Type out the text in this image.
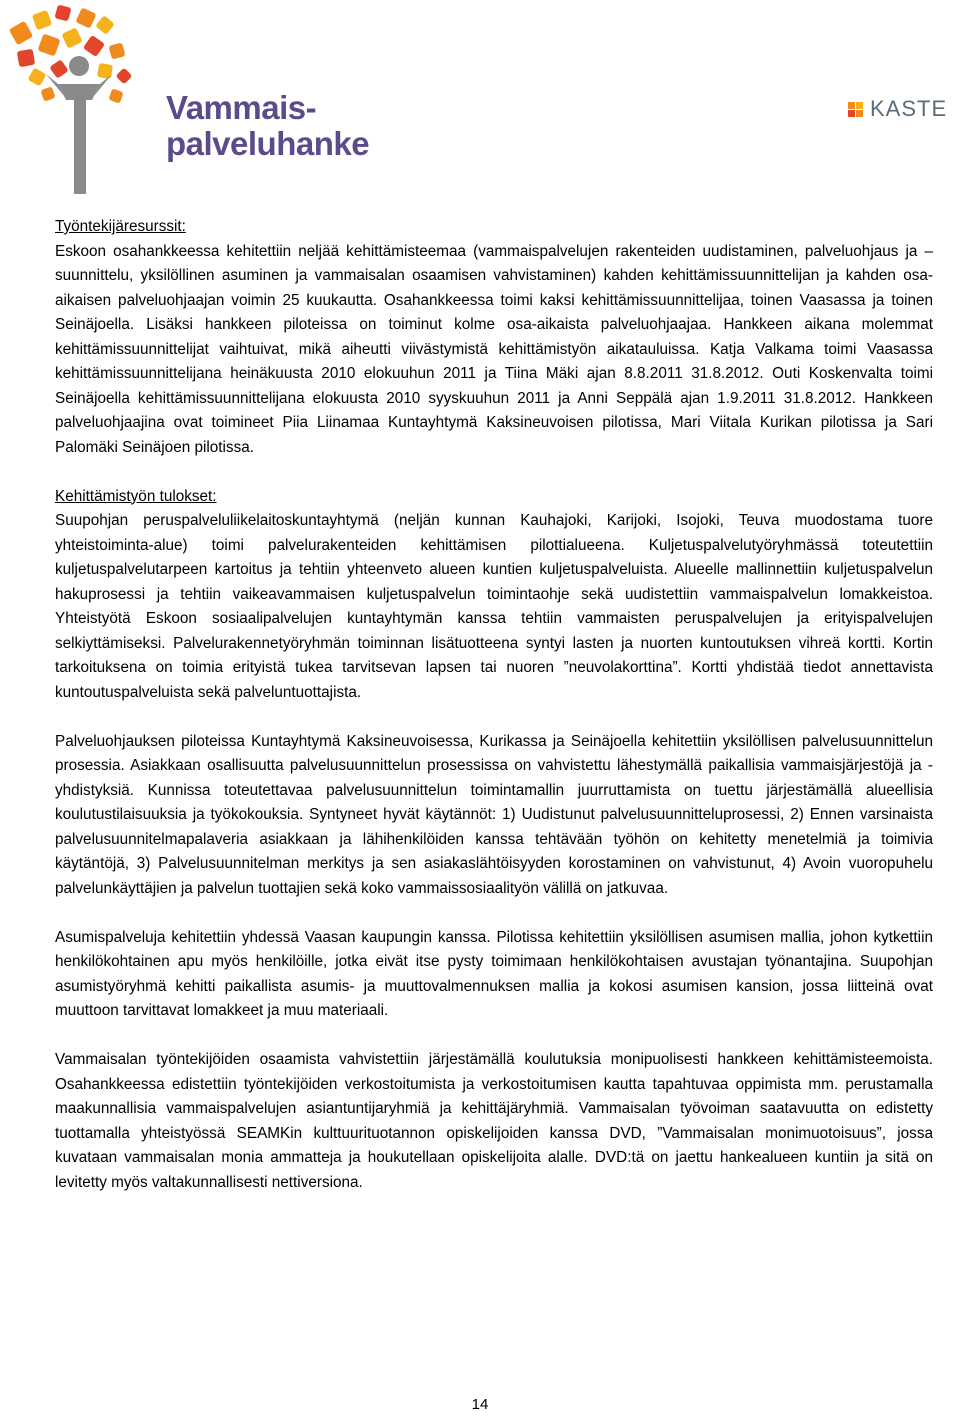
Vammais-
palveluhanke
KASTE

Työntekijäresurssit:
Eskoon osahankkeessa kehitettiin neljää kehittämisteemaa (vammaispalvelujen rakenteiden uudistaminen, palveluohjaus ja – suunnittelu, yksilöllinen asuminen ja vammaisalan osaamisen vahvistaminen) kahden kehittämissuunnittelijan ja kahden osa-aikaisen palveluohjaajan voimin 25 kuukautta. Osahankkeessa toimi kaksi kehittämissuunnittelijaa, toinen Vaasassa ja toinen Seinäjoella. Lisäksi hankkeen piloteissa on toiminut kolme osa-aikaista palveluohjaajaa. Hankkeen aikana molemmat kehittämissuunnittelijat vaihtuivat, mikä aiheutti viivästymistä kehittämistyön aikatauluissa. Katja Valkama toimi Vaasassa kehittämissuunnittelijana heinäkuusta 2010 elokuuhun 2011 ja Tiina Mäki ajan 8.8.2011 31.8.2012. Outi Koskenvalta toimi Seinäjoella kehittämissuunnittelijana elokuusta 2010 syyskuuhun 2011 ja Anni Seppälä ajan 1.9.2011 31.8.2012. Hankkeen palveluohjaajina ovat toimineet Piia Liinamaa Kuntayhtymä Kaksineuvoisen pilotissa, Mari Viitala Kurikan pilotissa ja Sari Palomäki Seinäjoen pilotissa.

Kehittämistyön tulokset:
Suupohjan peruspalveluliikelaitoskuntayhtymä (neljän kunnan Kauhajoki, Karijoki, Isojoki, Teuva muodostama tuore yhteistoiminta-alue) toimi palvelurakenteiden kehittämisen pilottialueena. Kuljetuspalvelutyöryhmässä toteutettiin kuljetuspalvelutarpeen kartoitus ja tehtiin yhteenveto alueen kuntien kuljetuspalveluista. Alueelle mallinnettiin kuljetuspalvelun hakuprosessi ja tehtiin vaikeavammaisen kuljetuspalvelun toimintaohje sekä uudistettiin vammaispalvelun lomakkeistoa. Yhteistyötä Eskoon sosiaalipalvelujen kuntayhtymän kanssa tehtiin vammaisten peruspalvelujen ja erityispalvelujen selkiyttämiseksi. Palvelurakennetyöryhmän toiminnan lisätuotteena syntyi lasten ja nuorten kuntoutuksen vihreä kortti. Kortin tarkoituksena on toimia erityistä tukea tarvitsevan lapsen tai nuoren ”neuvolakorttina”. Kortti yhdistää tiedot annettavista kuntoutuspalveluista sekä palveluntuottajista.

Palveluohjauksen piloteissa Kuntayhtymä Kaksineuvoisessa, Kurikassa ja Seinäjoella kehitettiin yksilöllisen palvelusuunnittelun prosessia. Asiakkaan osallisuutta palvelusuunnittelun prosessissa on vahvistettu lähestymällä paikallisia vammaisjärjestöjä ja -yhdistyksiä. Kunnissa toteutettavaa palvelusuunnittelun toimintamallin juurruttamista on tuettu järjestämällä alueellisia koulutustilaisuuksia ja työkokouksia. Syntyneet hyvät käytännöt: 1) Uudistunut palvelusuunnitteluprosessi, 2) Ennen varsinaista palvelusuunnitelmapalaveria asiakkaan ja lähihenkilöiden kanssa tehtävään työhön on kehitetty menetelmiä ja toimivia käytäntöjä, 3) Palvelusuunnitelman merkitys ja sen asiakaslähtöisyyden korostaminen on vahvistunut, 4) Avoin vuoropuhelu palvelunkäyttäjien ja palvelun tuottajien sekä koko vammaissosiaalityön välillä on jatkuvaa.

Asumispalveluja kehitettiin yhdessä Vaasan kaupungin kanssa. Pilotissa kehitettiin yksilöllisen asumisen mallia, johon kytkettiin henkilökohtainen apu myös henkilöille, jotka eivät itse pysty toimimaan henkilökohtaisen avustajan työnantajina. Suupohjan asumistyöryhmä kehitti paikallista asumis- ja muuttovalmennuksen mallia ja kokosi asumisen kansion, jossa liitteinä ovat muuttoon tarvittavat lomakkeet ja muu materiaali.

Vammaisalan työntekijöiden osaamista vahvistettiin järjestämällä koulutuksia monipuolisesti hankkeen kehittämisteemoista. Osahankkeessa edistettiin työntekijöiden verkostoitumista ja verkostoitumisen kautta tapahtuvaa oppimista mm. perustamalla maakunnallisia vammaispalvelujen asiantuntijaryhmiä ja kehittäjäryhmiä. Vammaisalan työvoiman saatavuutta on edistetty tuottamalla yhteistyössä SEAMKin kulttuurituotannon opiskelijoiden kanssa DVD, ”Vammaisalan monimuotoisuus”, jossa kuvataan vammaisalan monia ammatteja ja houkutellaan opiskelijoita alalle. DVD:tä on jaettu hankealueen kuntiin ja sitä on levitetty myös valtakunnallisesti nettiversiona.

14
